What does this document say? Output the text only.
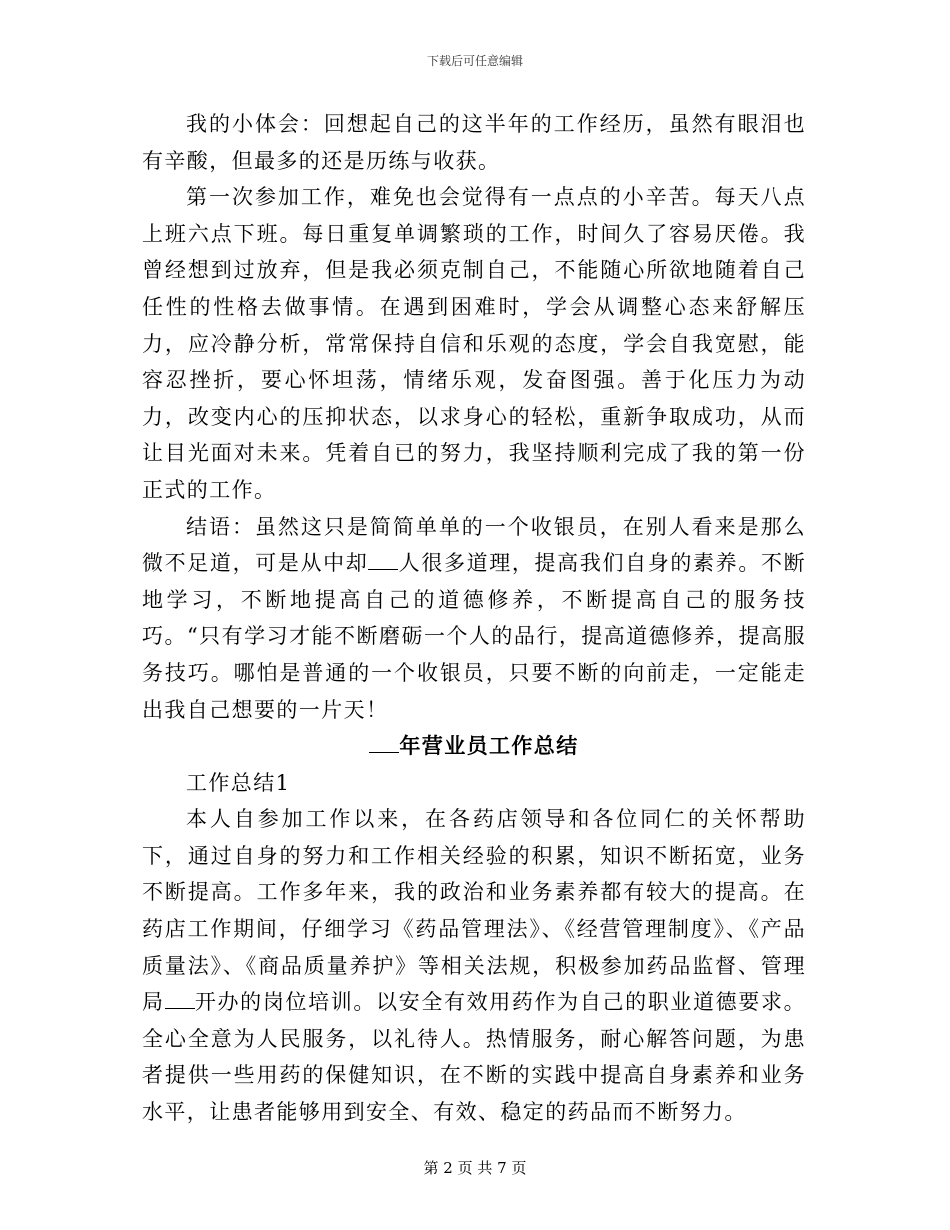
下载后可任意编辑

我的小体会：回想起自己的这半年的工作经历，虽然有眼泪也有辛酸，但最多的还是历练与收获。

第一次参加工作，难免也会觉得有一点点的小辛苦。每天八点上班六点下班。每日重复单调繁琐的工作，时间久了容易厌倦。我曾经想到过放弃，但是我必须克制自己，不能随心所欲地随着自己任性的性格去做事情。在遇到困难时，学会从调整心态来舒解压力，应冷静分析，常常保持自信和乐观的态度，学会自我宽慰，能容忍挫折，要心怀坦荡，情绪乐观，发奋图强。善于化压力为动力，改变内心的压抑状态，以求身心的轻松，重新争取成功，从而让目光面对未来。凭着自已的努力，我坚持顺利完成了我的第一份正式的工作。

结语：虽然这只是简简单单的一个收银员，在别人看来是那么微不足道，可是从中却 人很多道理，提高我们自身的素养。不断地学习，不断地提高自己的道德修养，不断提高自己的服务技巧。“只有学习才能不断磨砺一个人的品行，提高道德修养，提高服务技巧。哪怕是普通的一个收银员，只要不断的向前走，一定能走出我自己想要的一片天！

年营业员工作总结

工作总结1

本人自参加工作以来，在各药店领导和各位同仁的关怀帮助下，通过自身的努力和工作相关经验的积累，知识不断拓宽，业务不断提高。工作多年来，我的政治和业务素养都有较大的提高。在药店工作期间，仔细学习《药品管理法》、《经营管理制度》、《产品质量法》、《商品质量养护》等相关法规，积极参加药品监督、管理局 开办的岗位培训。以安全有效用药作为自己的职业道德要求。全心全意为人民服务，以礼待人。热情服务，耐心解答问题，为患者提供一些用药的保健知识，在不断的实践中提高自身素养和业务水平，让患者能够用到安全、有效、稳定的药品而不断努力。

第 2 页 共 7 页
